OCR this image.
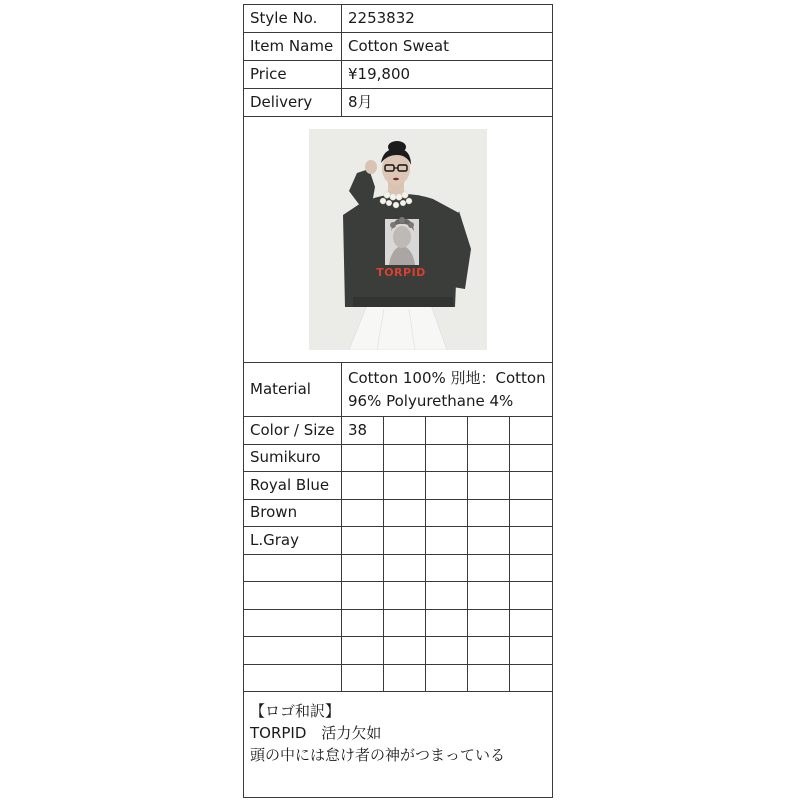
Style No.	2253832				
Item Name	Cotton Sweat				
Price	¥19,800				
Delivery	8月				

TORPID					

Material	Cotton 100% 別地：Cotton 96% Polyurethane 4%				
Color / Size	38				
Sumikuro					
Royal Blue					
Brown					
L.Gray					

【ロゴ和訳】
TORPID　活力欠如
頭の中には怠け者の神がつまっている					
